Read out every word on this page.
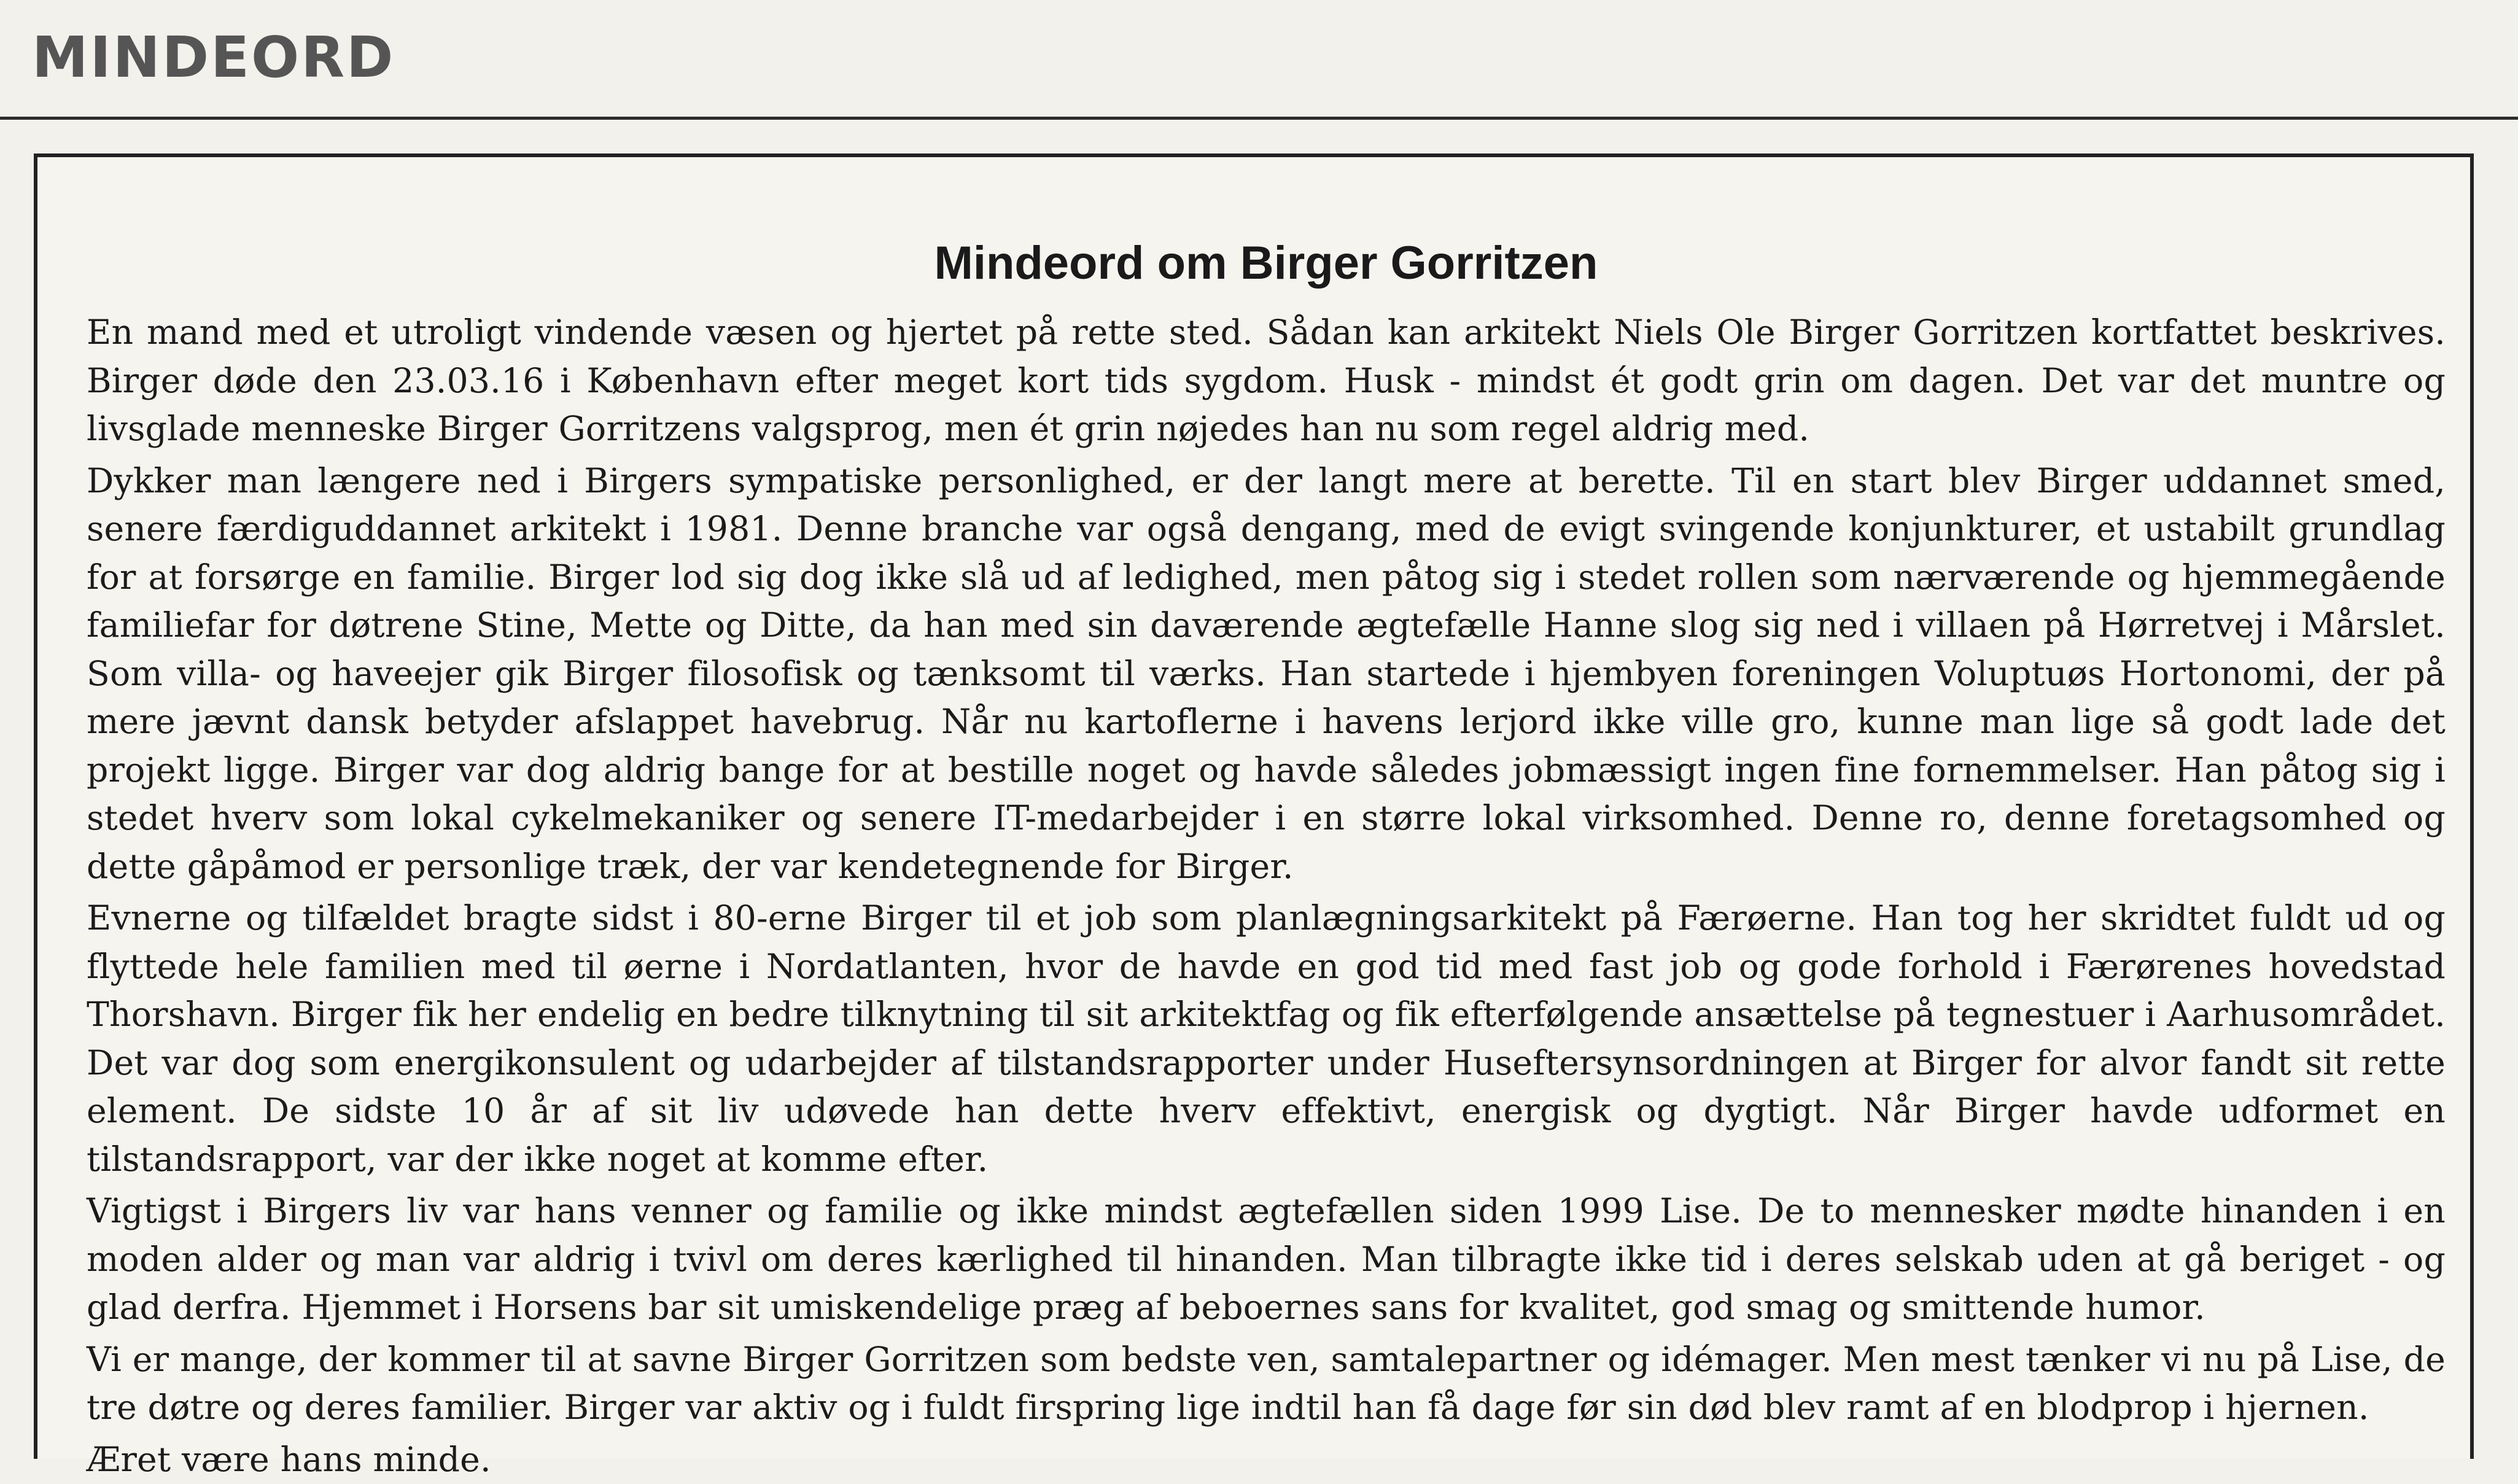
MINDEORD
Mindeord om Birger Gorritzen

En mand med et utroligt vindende væsen og hjertet på rette sted. Sådan kan arkitekt Niels Ole Birger Gorritzen kortfattet beskrives. Birger døde den 23.03.16 i København efter meget kort tids sygdom. Husk - mindst ét godt grin om dagen. Det var det muntre og livsglade menneske Birger Gorritzens valgsprog, men ét grin nøjedes han nu som regel aldrig med.

Dykker man længere ned i Birgers sympatiske personlighed, er der langt mere at berette. Til en start blev Birger uddannet smed, senere færdiguddannet arkitekt i 1981. Denne branche var også dengang, med de evigt svingende konjunkturer, et ustabilt grundlag for at forsørge en familie. Birger lod sig dog ikke slå ud af ledighed, men påtog sig i stedet rollen som nærværende og hjemmegående familiefar for døtrene Stine, Mette og Ditte, da han med sin daværende ægtefælle Hanne slog sig ned i villaen på Hørretvej i Mårslet. Som villa- og haveejer gik Birger filosofisk og tænksomt til værks. Han startede i hjembyen foreningen Voluptuøs Hortonomi, der på mere jævnt dansk betyder afslappet havebrug. Når nu kartoflerne i havens lerjord ikke ville gro, kunne man lige så godt lade det projekt ligge. Birger var dog aldrig bange for at bestille noget og havde således jobmæssigt ingen fine fornemmelser. Han påtog sig i stedet hverv som lokal cykelmekaniker og senere IT-medarbejder i en større lokal virksomhed. Denne ro, denne foretagsomhed og dette gåpåmod er personlige træk, der var kendetegnende for Birger.

Evnerne og tilfældet bragte sidst i 80-erne Birger til et job som planlægningsarkitekt på Færøerne. Han tog her skridtet fuldt ud og flyttede hele familien med til øerne i Nordatlanten, hvor de havde en god tid med fast job og gode forhold i Færørenes hovedstad Thorshavn. Birger fik her endelig en bedre tilknytning til sit arkitektfag og fik efterfølgende ansættelse på tegnestuer i Aarhusområdet. Det var dog som energikonsulent og udarbejder af tilstandsrapporter under Huseftersynsordningen at Birger for alvor fandt sit rette element. De sidste 10 år af sit liv udøvede han dette hverv effektivt, energisk og dygtigt. Når Birger havde udformet en tilstandsrapport, var der ikke noget at komme efter.

Vigtigst i Birgers liv var hans venner og familie og ikke mindst ægtefællen siden 1999 Lise. De to mennesker mødte hinanden i en moden alder og man var aldrig i tvivl om deres kærlighed til hinanden. Man tilbragte ikke tid i deres selskab uden at gå beriget - og glad derfra. Hjemmet i Horsens bar sit umiskendelige præg af beboernes sans for kvalitet, god smag og smittende humor.

Vi er mange, der kommer til at savne Birger Gorritzen som bedste ven, samtalepartner og idémager. Men mest tænker vi nu på Lise, de tre døtre og deres familier. Birger var aktiv og i fuldt firspring lige indtil han få dage før sin død blev ramt af en blodprop i hjernen.

Æret være hans minde.
